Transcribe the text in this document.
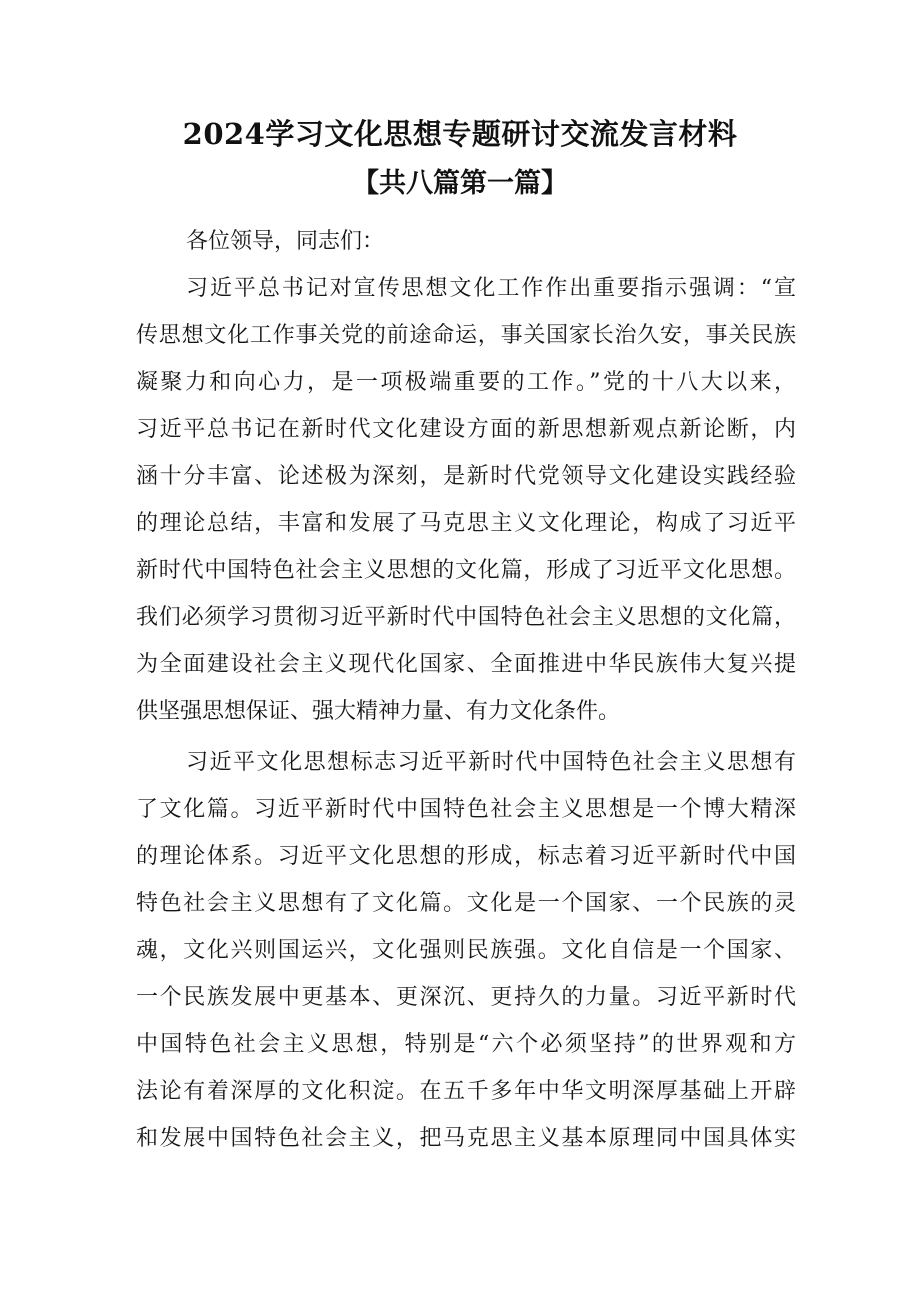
2024学习文化思想专题研讨交流发言材料
【共八篇第一篇】
各位领导，同志们：
习近平总书记对宣传思想文化工作作出重要指示强调：“宣
传思想文化工作事关党的前途命运，事关国家长治久安，事关民族
凝聚力和向心力，是一项极端重要的工作。”党的十八大以来，
习近平总书记在新时代文化建设方面的新思想新观点新论断，内
涵十分丰富、论述极为深刻，是新时代党领导文化建设实践经验
的理论总结，丰富和发展了马克思主义文化理论，构成了习近平
新时代中国特色社会主义思想的文化篇，形成了习近平文化思想。
我们必须学习贯彻习近平新时代中国特色社会主义思想的文化篇，
为全面建设社会主义现代化国家、全面推进中华民族伟大复兴提
供坚强思想保证、强大精神力量、有力文化条件。
习近平文化思想标志习近平新时代中国特色社会主义思想有
了文化篇。习近平新时代中国特色社会主义思想是一个博大精深
的理论体系。习近平文化思想的形成，标志着习近平新时代中国
特色社会主义思想有了文化篇。文化是一个国家、一个民族的灵
魂，文化兴则国运兴，文化强则民族强。文化自信是一个国家、
一个民族发展中更基本、更深沉、更持久的力量。习近平新时代
中国特色社会主义思想，特别是“六个必须坚持”的世界观和方
法论有着深厚的文化积淀。在五千多年中华文明深厚基础上开辟
和发展中国特色社会主义，把马克思主义基本原理同中国具体实
